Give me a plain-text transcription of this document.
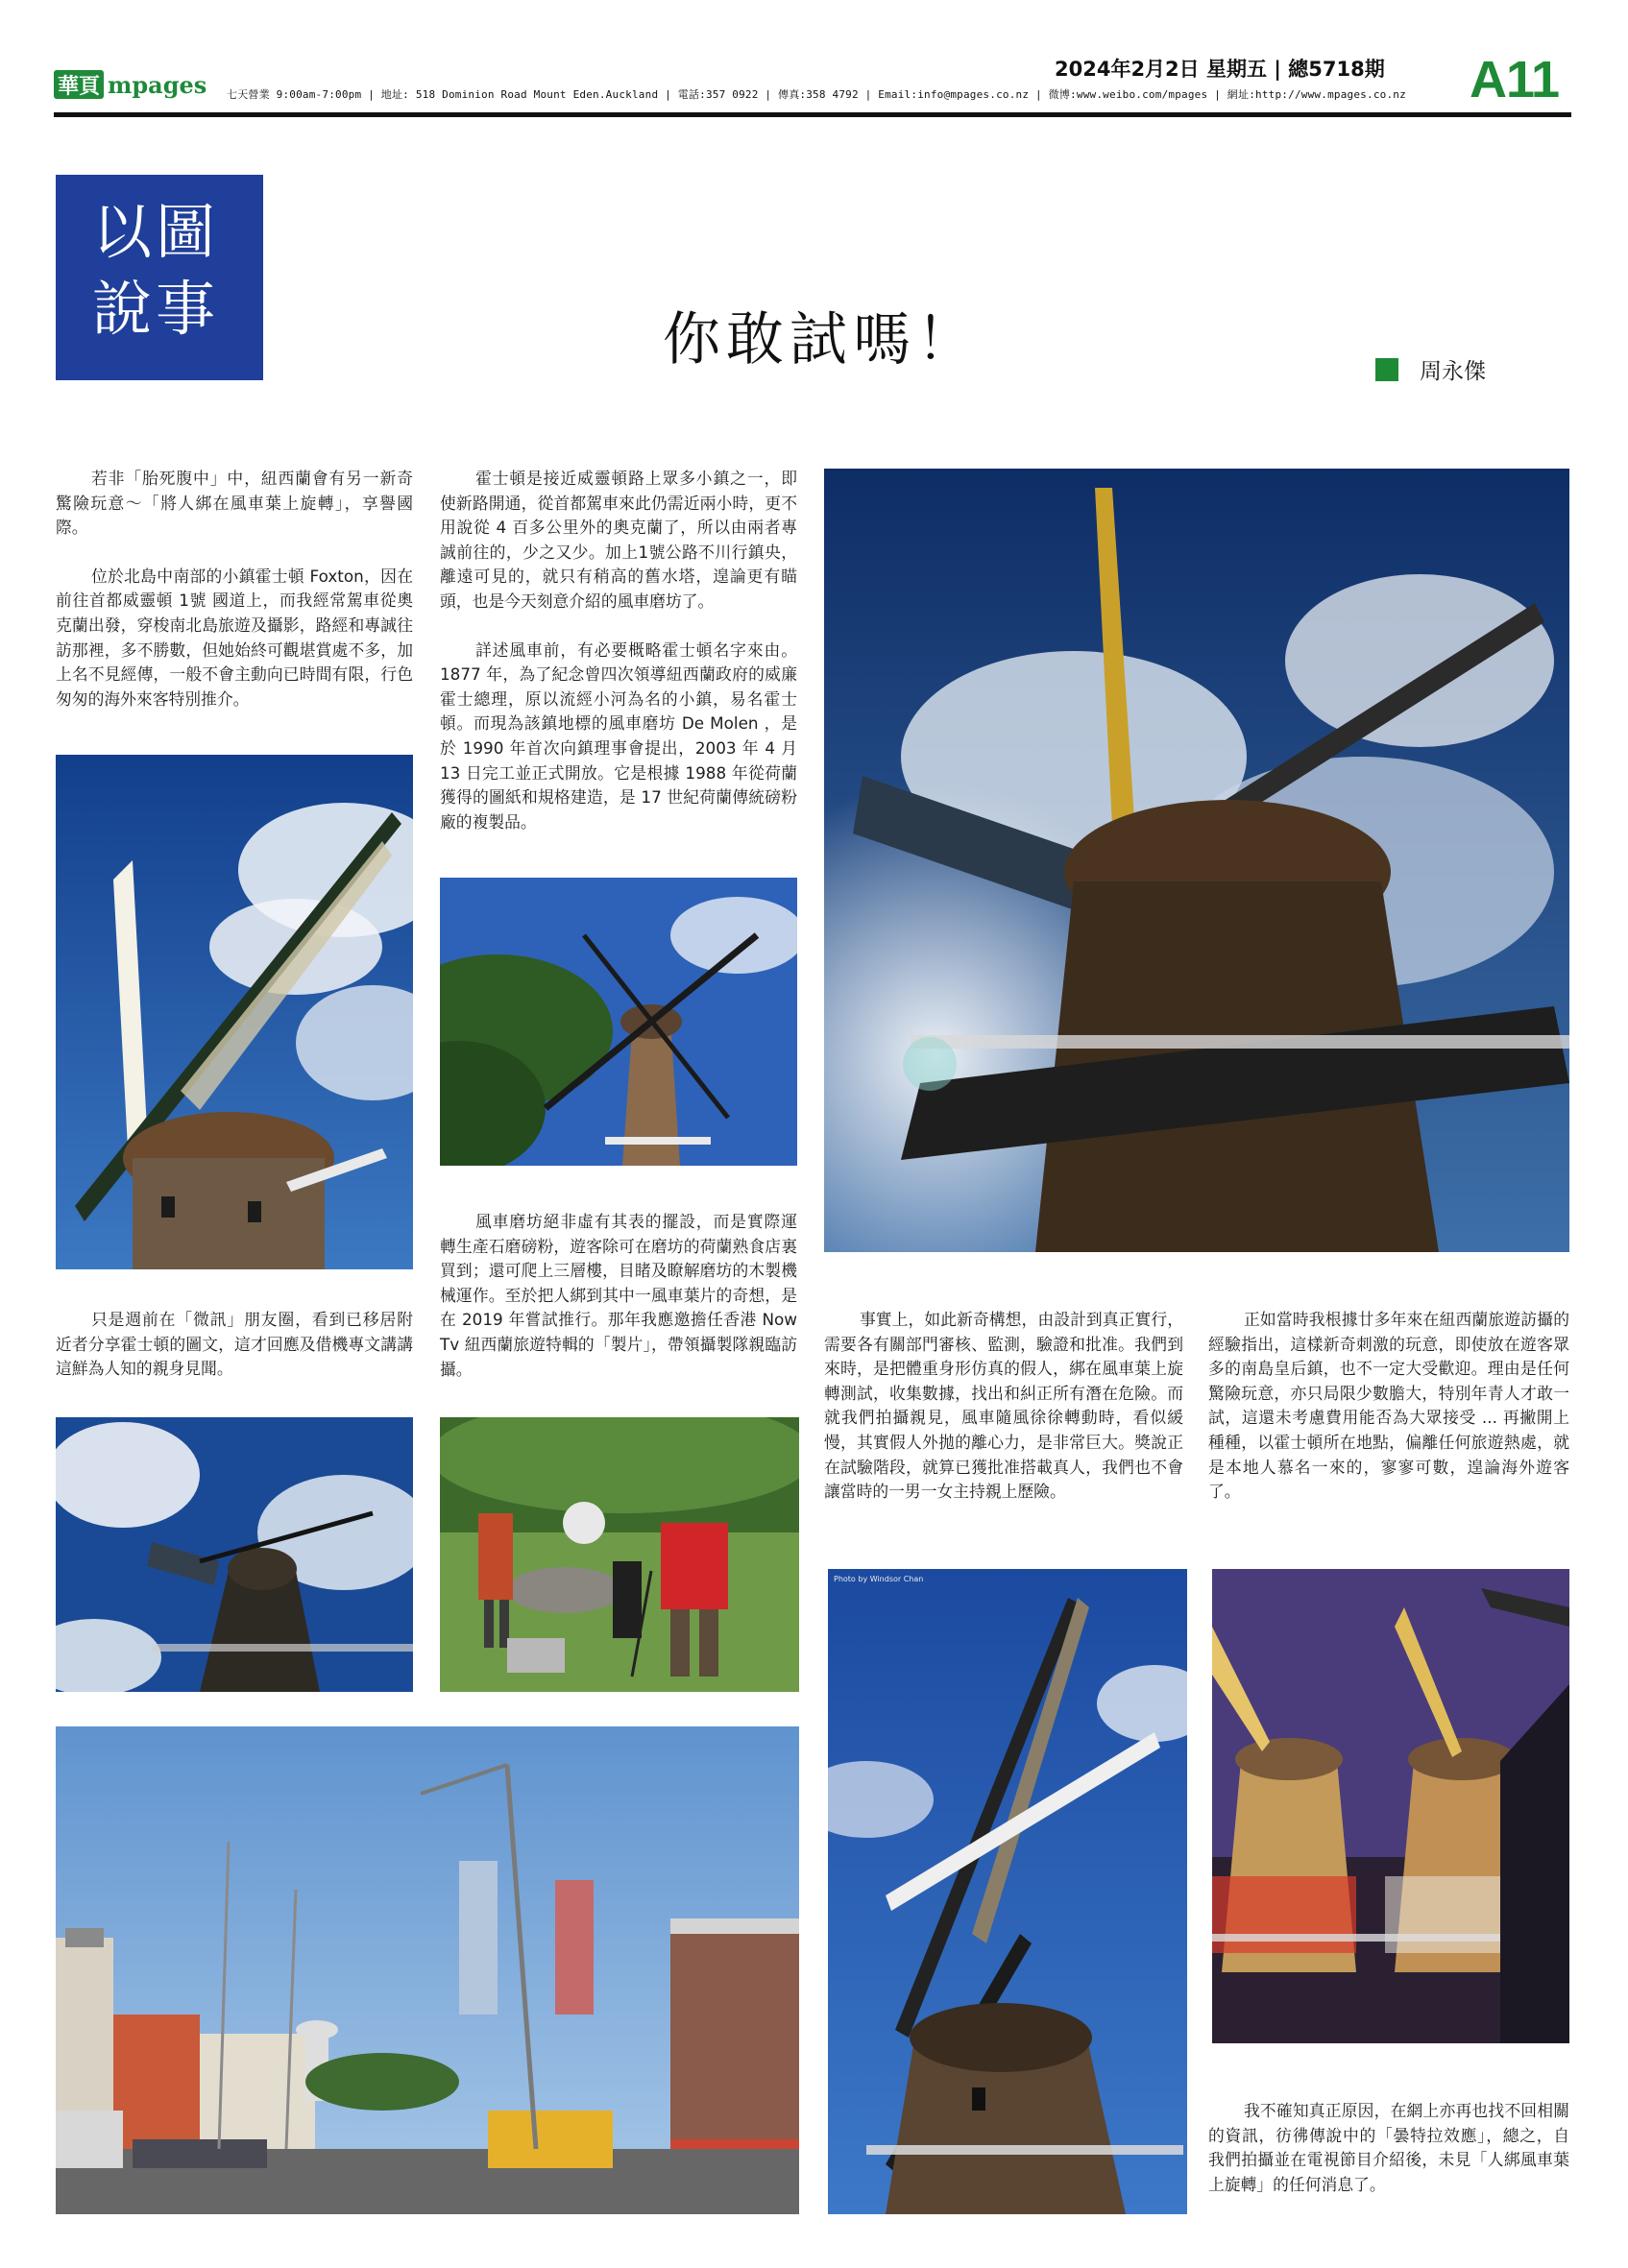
華頁 mpages 七天營業 9:00am-7:00pm | 地址: 518 Dominion Road Mount Eden.Auckland | 電話:357 0922 | 傳真:358 4792 | Email:info@mpages.co.nz | 微博:www.weibo.com/mpages | 網址:http://www.mpages.co.nz
2024年2月2日 星期五 | 總5718期 A11
以圖
說事	你敢試嗎！	周永傑

若非「胎死腹中」中，紐西蘭會有另一新奇驚險玩意～「將人綁在風車葉上旋轉」，享譽國際。

位於北島中南部的小鎮霍士頓 Foxton，因在前往首都威靈頓 1號 國道上，而我經常駕車從奧克蘭出發，穿梭南北島旅遊及攝影，路經和專誠往訪那裡，多不勝數，但她始終可觀堪賞處不多，加上名不見經傳，一般不會主動向已時間有限，行色匆匆的海外來客特別推介。

霍士頓是接近威靈頓路上眾多小鎮之一，即使新路開通，從首都駕車來此仍需近兩小時，更不用說從 4 百多公里外的奧克蘭了，所以由兩者專誠前往的，少之又少。加上1號公路不川行鎮央，離遠可見的，就只有稍高的舊水塔，遑論更有瞄頭，也是今天刻意介紹的風車磨坊了。

詳述風車前，有必要概略霍士頓名字來由。1877 年，為了紀念曾四次領導紐西蘭政府的威廉霍士總理，原以流經小河為名的小鎮，易名霍士頓。而現為該鎮地標的風車磨坊 De Molen ，是於 1990 年首次向鎮理事會提出，2003 年 4 月 13 日完工並正式開放。它是根據 1988 年從荷蘭獲得的圖紙和規格建造，是 17 世紀荷蘭傳統磅粉廠的複製品。

只是週前在「微訊」朋友圈，看到已移居附近者分享霍士頓的圖文，這才回應及借機專文講講這鮮為人知的親身見聞。

風車磨坊絕非虛有其表的擺設，而是實際運轉生產石磨磅粉，遊客除可在磨坊的荷蘭熟食店裏買到；還可爬上三層樓，目睹及瞭解磨坊的木製機械運作。至於把人綁到其中一風車葉片的奇想，是在 2019 年嘗試推行。那年我應邀擔任香港 Now Tv 紐西蘭旅遊特輯的「製片」，帶領攝製隊親臨訪攝。

事實上，如此新奇構想，由設計到真正實行，需要各有關部門審核、監測，驗證和批准。我們到來時，是把體重身形仿真的假人，綁在風車葉上旋轉測試，收集數據，找出和糾正所有潛在危險。而就我們拍攝親見，風車隨風徐徐轉動時，看似緩慢，其實假人外拋的離心力，是非常巨大。獎說正在試驗階段，就算已獲批准搭載真人，我們也不會讓當時的一男一女主持親上歷險。

正如當時我根據廿多年來在紐西蘭旅遊訪攝的經驗指出，這樣新奇刺激的玩意，即使放在遊客眾多的南島皇后鎮，也不一定大受歡迎。理由是任何驚險玩意，亦只局限少數膽大，特別年青人才敢一試，這還未考慮費用能否為大眾接受 ... 再撇開上種種，以霍士頓所在地點，偏離任何旅遊熱處，就是本地人慕名一來的，寥寥可數，遑論海外遊客了。

我不確知真正原因，在網上亦再也找不回相關的資訊，彷彿傳說中的「曇特拉效應」，總之，自我們拍攝並在電視節目介紹後，未見「人綁風車葉上旋轉」的任何消息了。

Photo by Windsor Chan
